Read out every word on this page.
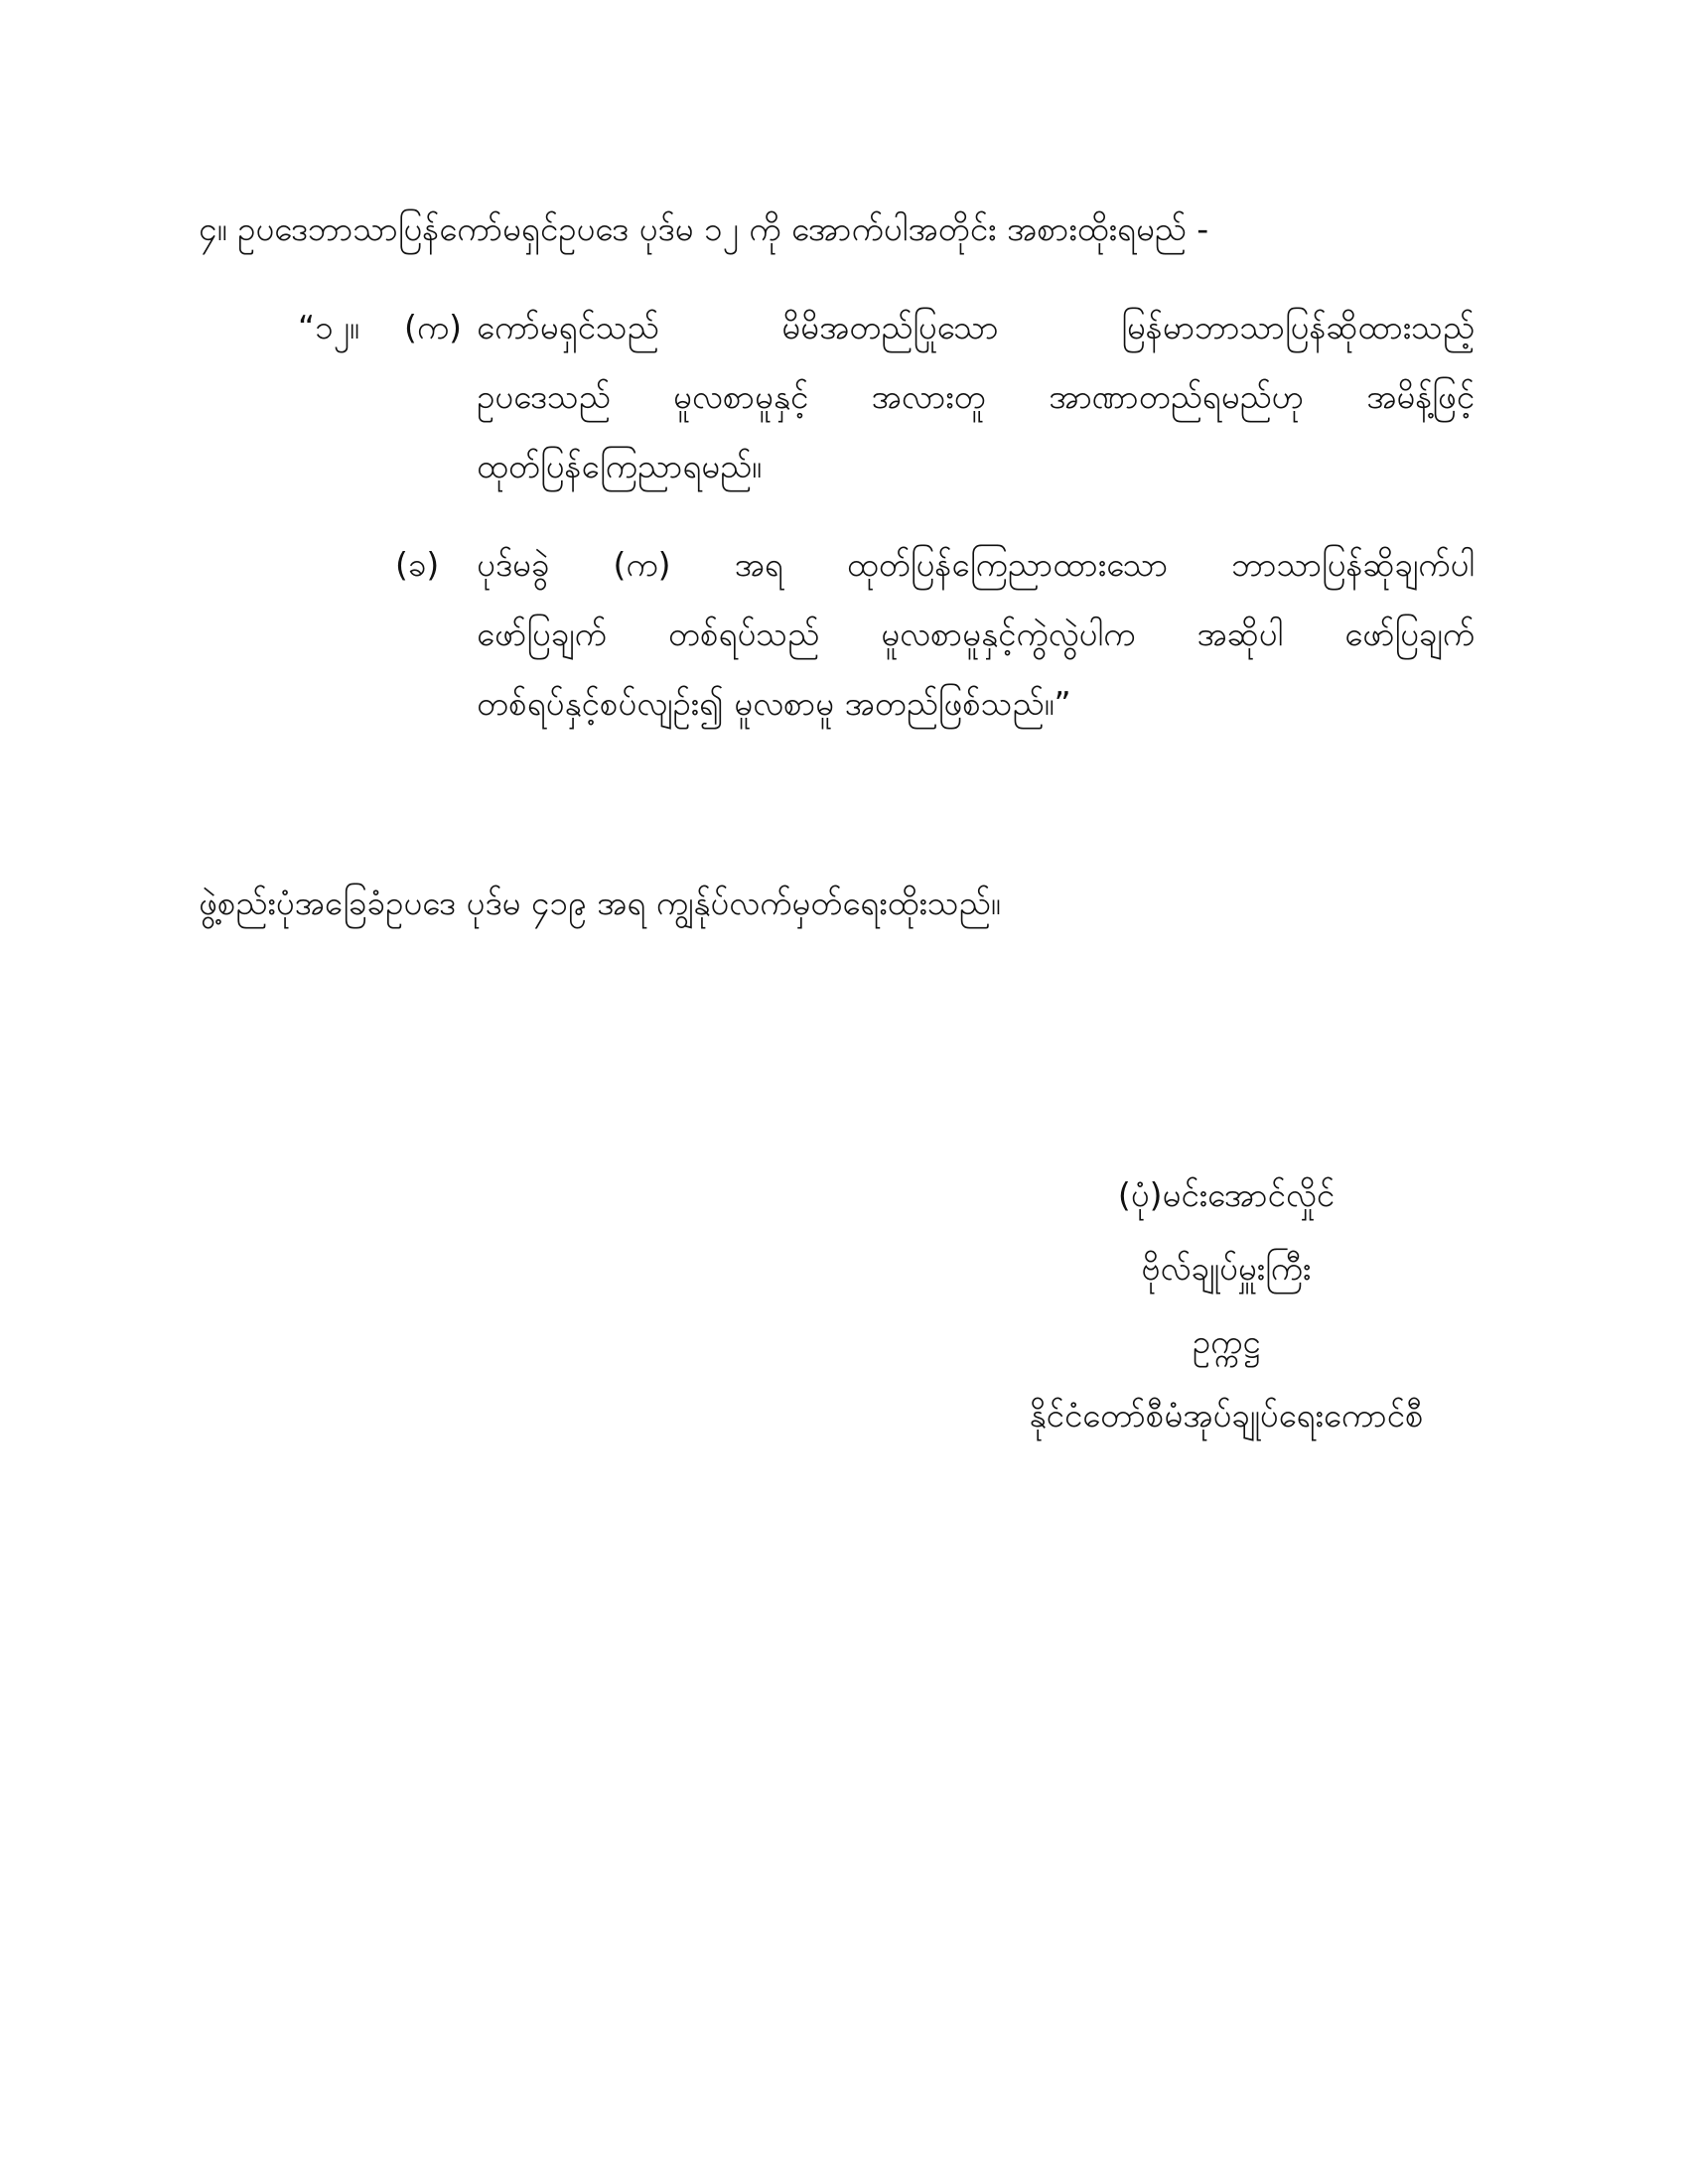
၄။ ဥပဒေဘာသာပြန်ကော်မရှင်ဥပဒေ ပုဒ်မ ၁၂ ကို အောက်ပါအတိုင်း အစားထိုးရမည် -
“၁၂။ (က) ကော်မရှင်သည် မိမိအတည်ပြုသော မြန်မာဘာသာပြန်ဆိုထားသည့်
ဥပဒေသည် မူလစာမူနှင့် အလားတူ အာဏာတည်ရမည်ဟု အမိန့်ဖြင့်
ထုတ်ပြန်ကြေညာရမည်။
(ခ) ပုဒ်မခွဲ (က) အရ ထုတ်ပြန်ကြေညာထားသော ဘာသာပြန်ဆိုချက်ပါ
ဖော်ပြချက် တစ်ရပ်သည် မူလစာမူနှင့်ကွဲလွဲပါက အဆိုပါ ဖော်ပြချက်
တစ်ရပ်နှင့်စပ်လျဉ်း၍ မူလစာမူ အတည်ဖြစ်သည်။”
ဖွဲ့စည်းပုံအခြေခံဥပဒေ ပုဒ်မ ၄၁၉ အရ ကျွန်ုပ်လက်မှတ်ရေးထိုးသည်။
(ပုံ)မင်းအောင်လှိုင်
ဗိုလ်ချုပ်မှူးကြီး
ဥက္ကဋ္ဌ
နိုင်ငံတော်စီမံအုပ်ချုပ်ရေးကောင်စီ
